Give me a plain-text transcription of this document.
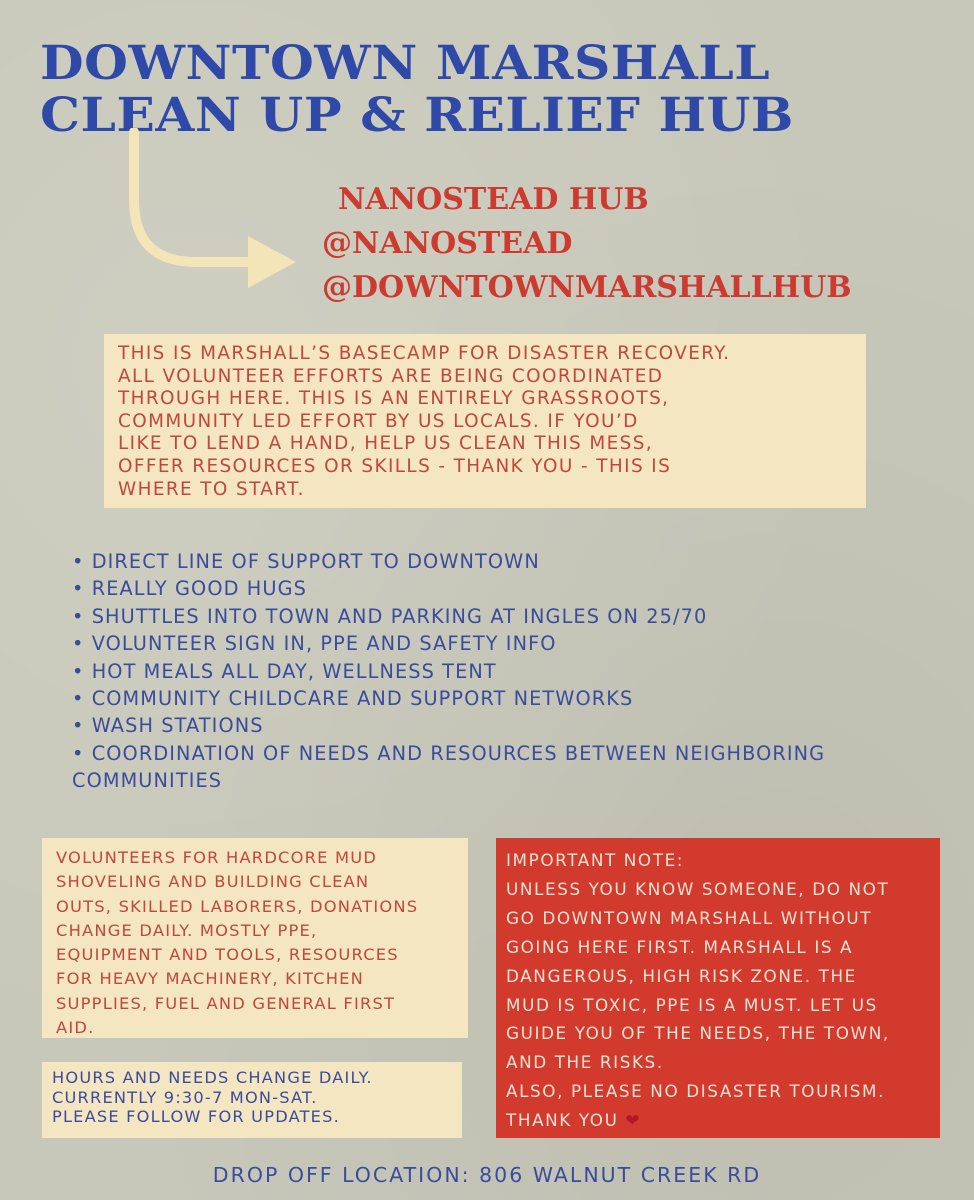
DOWNTOWN MARSHALL
CLEAN UP & RELIEF HUB
NANOSTEAD HUB
@NANOSTEAD
@DOWNTOWNMARSHALLHUB
THIS IS MARSHALL’S BASECAMP FOR DISASTER RECOVERY.
ALL VOLUNTEER EFFORTS ARE BEING COORDINATED
THROUGH HERE. THIS IS AN ENTIRELY GRASSROOTS,
COMMUNITY LED EFFORT BY US LOCALS. IF YOU’D
LIKE TO LEND A HAND, HELP US CLEAN THIS MESS,
OFFER RESOURCES OR SKILLS - THANK YOU - THIS IS
WHERE TO START.
• DIRECT LINE OF SUPPORT TO DOWNTOWN
• REALLY GOOD HUGS
• SHUTTLES INTO TOWN AND PARKING AT INGLES ON 25/70
• VOLUNTEER SIGN IN, PPE AND SAFETY INFO
• HOT MEALS ALL DAY, WELLNESS TENT
• COMMUNITY CHILDCARE AND SUPPORT NETWORKS
• WASH STATIONS
• COORDINATION OF NEEDS AND RESOURCES BETWEEN NEIGHBORING
COMMUNITIES
VOLUNTEERS FOR HARDCORE MUD
SHOVELING AND BUILDING CLEAN
OUTS, SKILLED LABORERS, DONATIONS
CHANGE DAILY. MOSTLY PPE,
EQUIPMENT AND TOOLS, RESOURCES
FOR HEAVY MACHINERY, KITCHEN
SUPPLIES, FUEL AND GENERAL FIRST
AID.
HOURS AND NEEDS CHANGE DAILY.
CURRENTLY 9:30-7 MON-SAT.
PLEASE FOLLOW FOR UPDATES.
IMPORTANT NOTE:
UNLESS YOU KNOW SOMEONE, DO NOT
GO DOWNTOWN MARSHALL WITHOUT
GOING HERE FIRST. MARSHALL IS A
DANGEROUS, HIGH RISK ZONE. THE
MUD IS TOXIC, PPE IS A MUST. LET US
GUIDE YOU OF THE NEEDS, THE TOWN,
AND THE RISKS.
ALSO, PLEASE NO DISASTER TOURISM.
THANK YOU ❤
DROP OFF LOCATION: 806 WALNUT CREEK RD
